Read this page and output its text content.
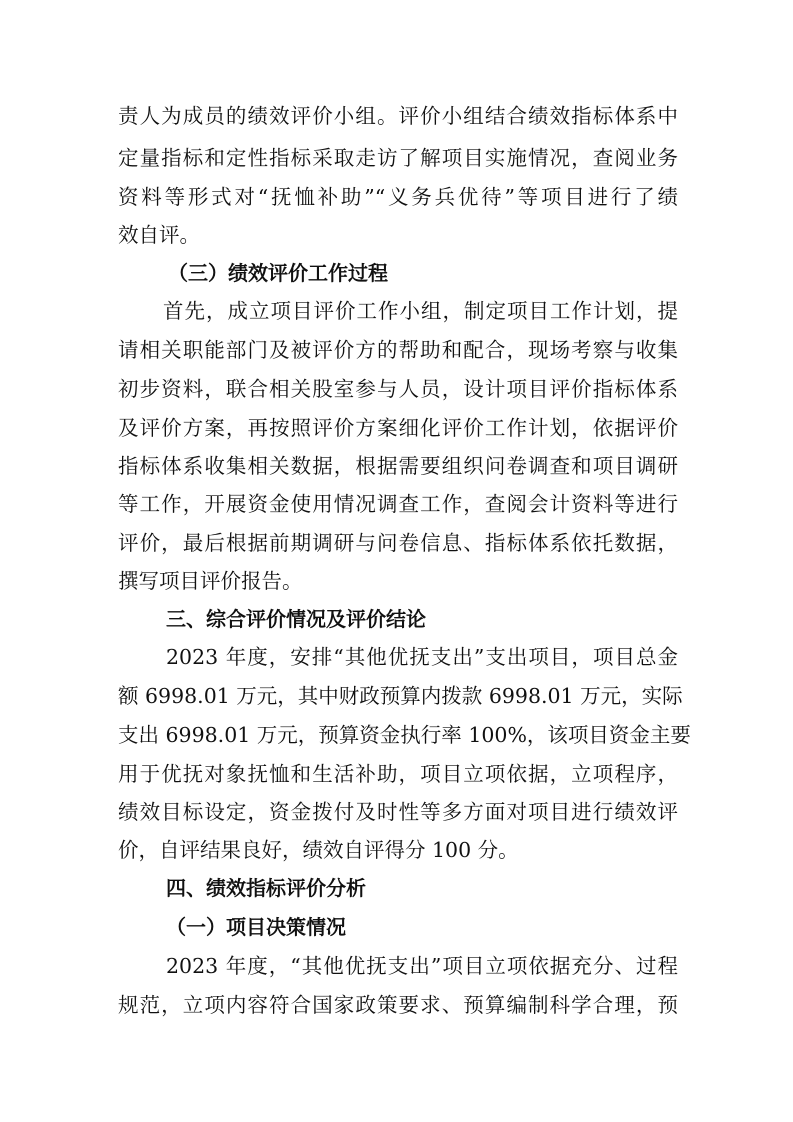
责人为成员的绩效评价小组。评价小组结合绩效指标体系中
定量指标和定性指标采取走访了解项目实施情况，查阅业务
资料等形式对“抚恤补助”“义务兵优待”等项目进行了绩
效自评。
（三）绩效评价工作过程
首先，成立项目评价工作小组，制定项目工作计划，提
请相关职能部门及被评价方的帮助和配合，现场考察与收集
初步资料，联合相关股室参与人员，设计项目评价指标体系
及评价方案，再按照评价方案细化评价工作计划，依据评价
指标体系收集相关数据，根据需要组织问卷调查和项目调研
等工作，开展资金使用情况调查工作，查阅会计资料等进行
评价，最后根据前期调研与问卷信息、指标体系依托数据，
撰写项目评价报告。
三、综合评价情况及评价结论
2023 年度，安排“其他优抚支出”支出项目，项目总金
额 6998.01 万元，其中财政预算内拨款 6998.01 万元，实际
支出 6998.01 万元，预算资金执行率 100%，该项目资金主要
用于优抚对象抚恤和生活补助，项目立项依据，立项程序，
绩效目标设定，资金拨付及时性等多方面对项目进行绩效评
价，自评结果良好，绩效自评得分 100 分。
四、绩效指标评价分析
（一）项目决策情况
2023 年度，“其他优抚支出”项目立项依据充分、过程
规范，立项内容符合国家政策要求、预算编制科学合理，预
